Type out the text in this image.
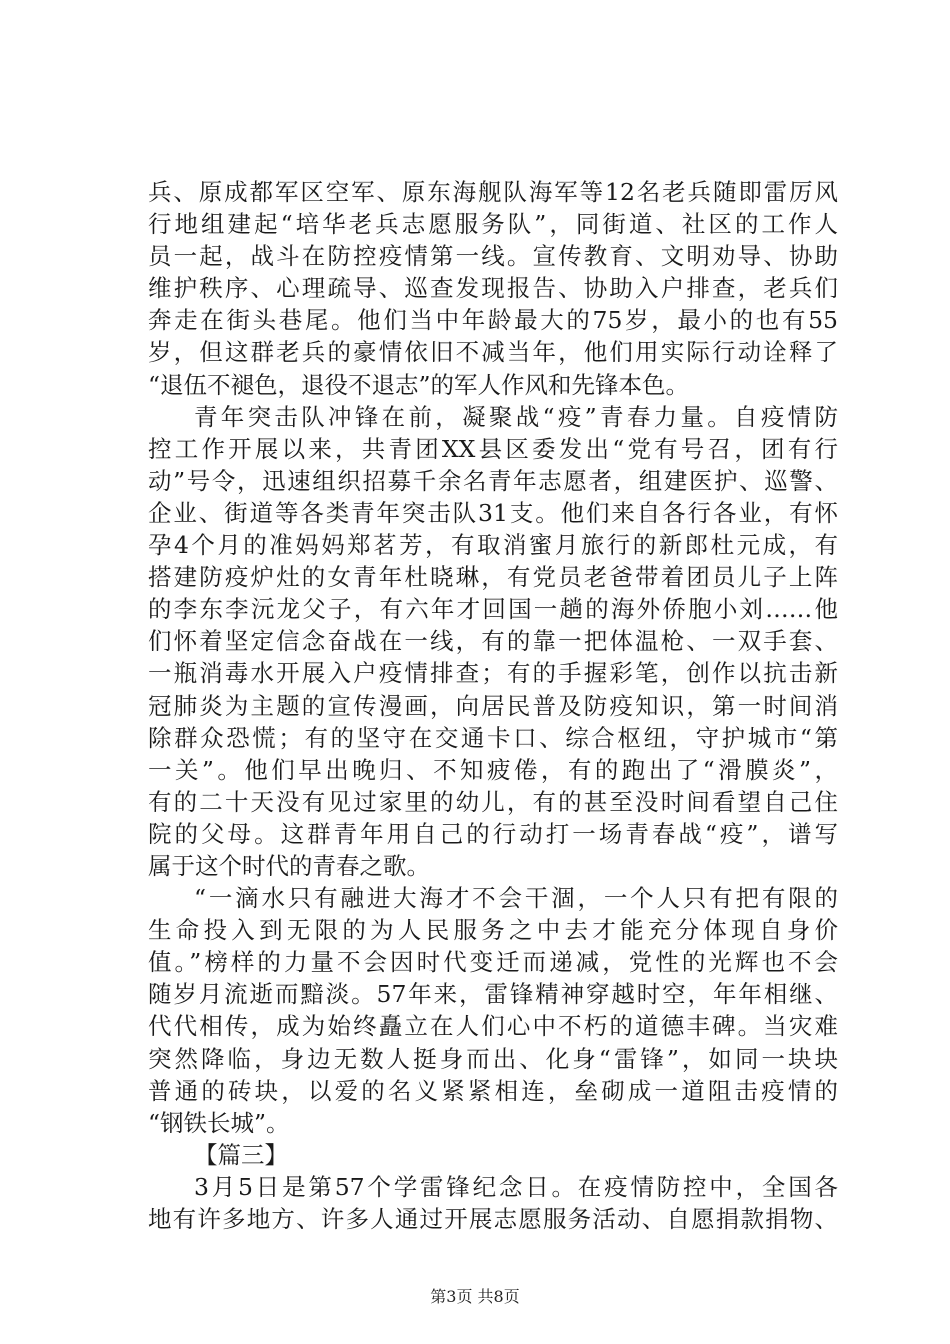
兵、原成都军区空军、原东海舰队海军等12名老兵随即雷厉风
行地组建起“培华老兵志愿服务队”，同街道、社区的工作人
员一起，战斗在防控疫情第一线。宣传教育、文明劝导、协助
维护秩序、心理疏导、巡查发现报告、协助入户排查，老兵们
奔走在街头巷尾。他们当中年龄最大的75岁，最小的也有55
岁，但这群老兵的豪情依旧不减当年，他们用实际行动诠释了
“退伍不褪色，退役不退志”的军人作风和先锋本色。
青年突击队冲锋在前，凝聚战“疫”青春力量。自疫情防
控工作开展以来，共青团XX县区委发出“党有号召，团有行
动”号令，迅速组织招募千余名青年志愿者，组建医护、巡警、
企业、街道等各类青年突击队31支。他们来自各行各业，有怀
孕4个月的准妈妈郑茗芳，有取消蜜月旅行的新郎杜元成，有
搭建防疫炉灶的女青年杜晓琳，有党员老爸带着团员儿子上阵
的李东李沅龙父子，有六年才回国一趟的海外侨胞小刘……他
们怀着坚定信念奋战在一线，有的靠一把体温枪、一双手套、
一瓶消毒水开展入户疫情排查；有的手握彩笔，创作以抗击新
冠肺炎为主题的宣传漫画，向居民普及防疫知识，第一时间消
除群众恐慌；有的坚守在交通卡口、综合枢纽，守护城市“第
一关”。他们早出晚归、不知疲倦，有的跑出了“滑膜炎”，
有的二十天没有见过家里的幼儿，有的甚至没时间看望自己住
院的父母。这群青年用自己的行动打一场青春战“疫”，谱写
属于这个时代的青春之歌。
“一滴水只有融进大海才不会干涸，一个人只有把有限的
生命投入到无限的为人民服务之中去才能充分体现自身价
值。”榜样的力量不会因时代变迁而递减，党性的光辉也不会
随岁月流逝而黯淡。57年来，雷锋精神穿越时空，年年相继、
代代相传，成为始终矗立在人们心中不朽的道德丰碑。当灾难
突然降临，身边无数人挺身而出、化身“雷锋”，如同一块块
普通的砖块，以爱的名义紧紧相连，垒砌成一道阻击疫情的
“钢铁长城”。
【篇三】
3月5日是第57个学雷锋纪念日。在疫情防控中，全国各
地有许多地方、许多人通过开展志愿服务活动、自愿捐款捐物、
第3页 共8页
